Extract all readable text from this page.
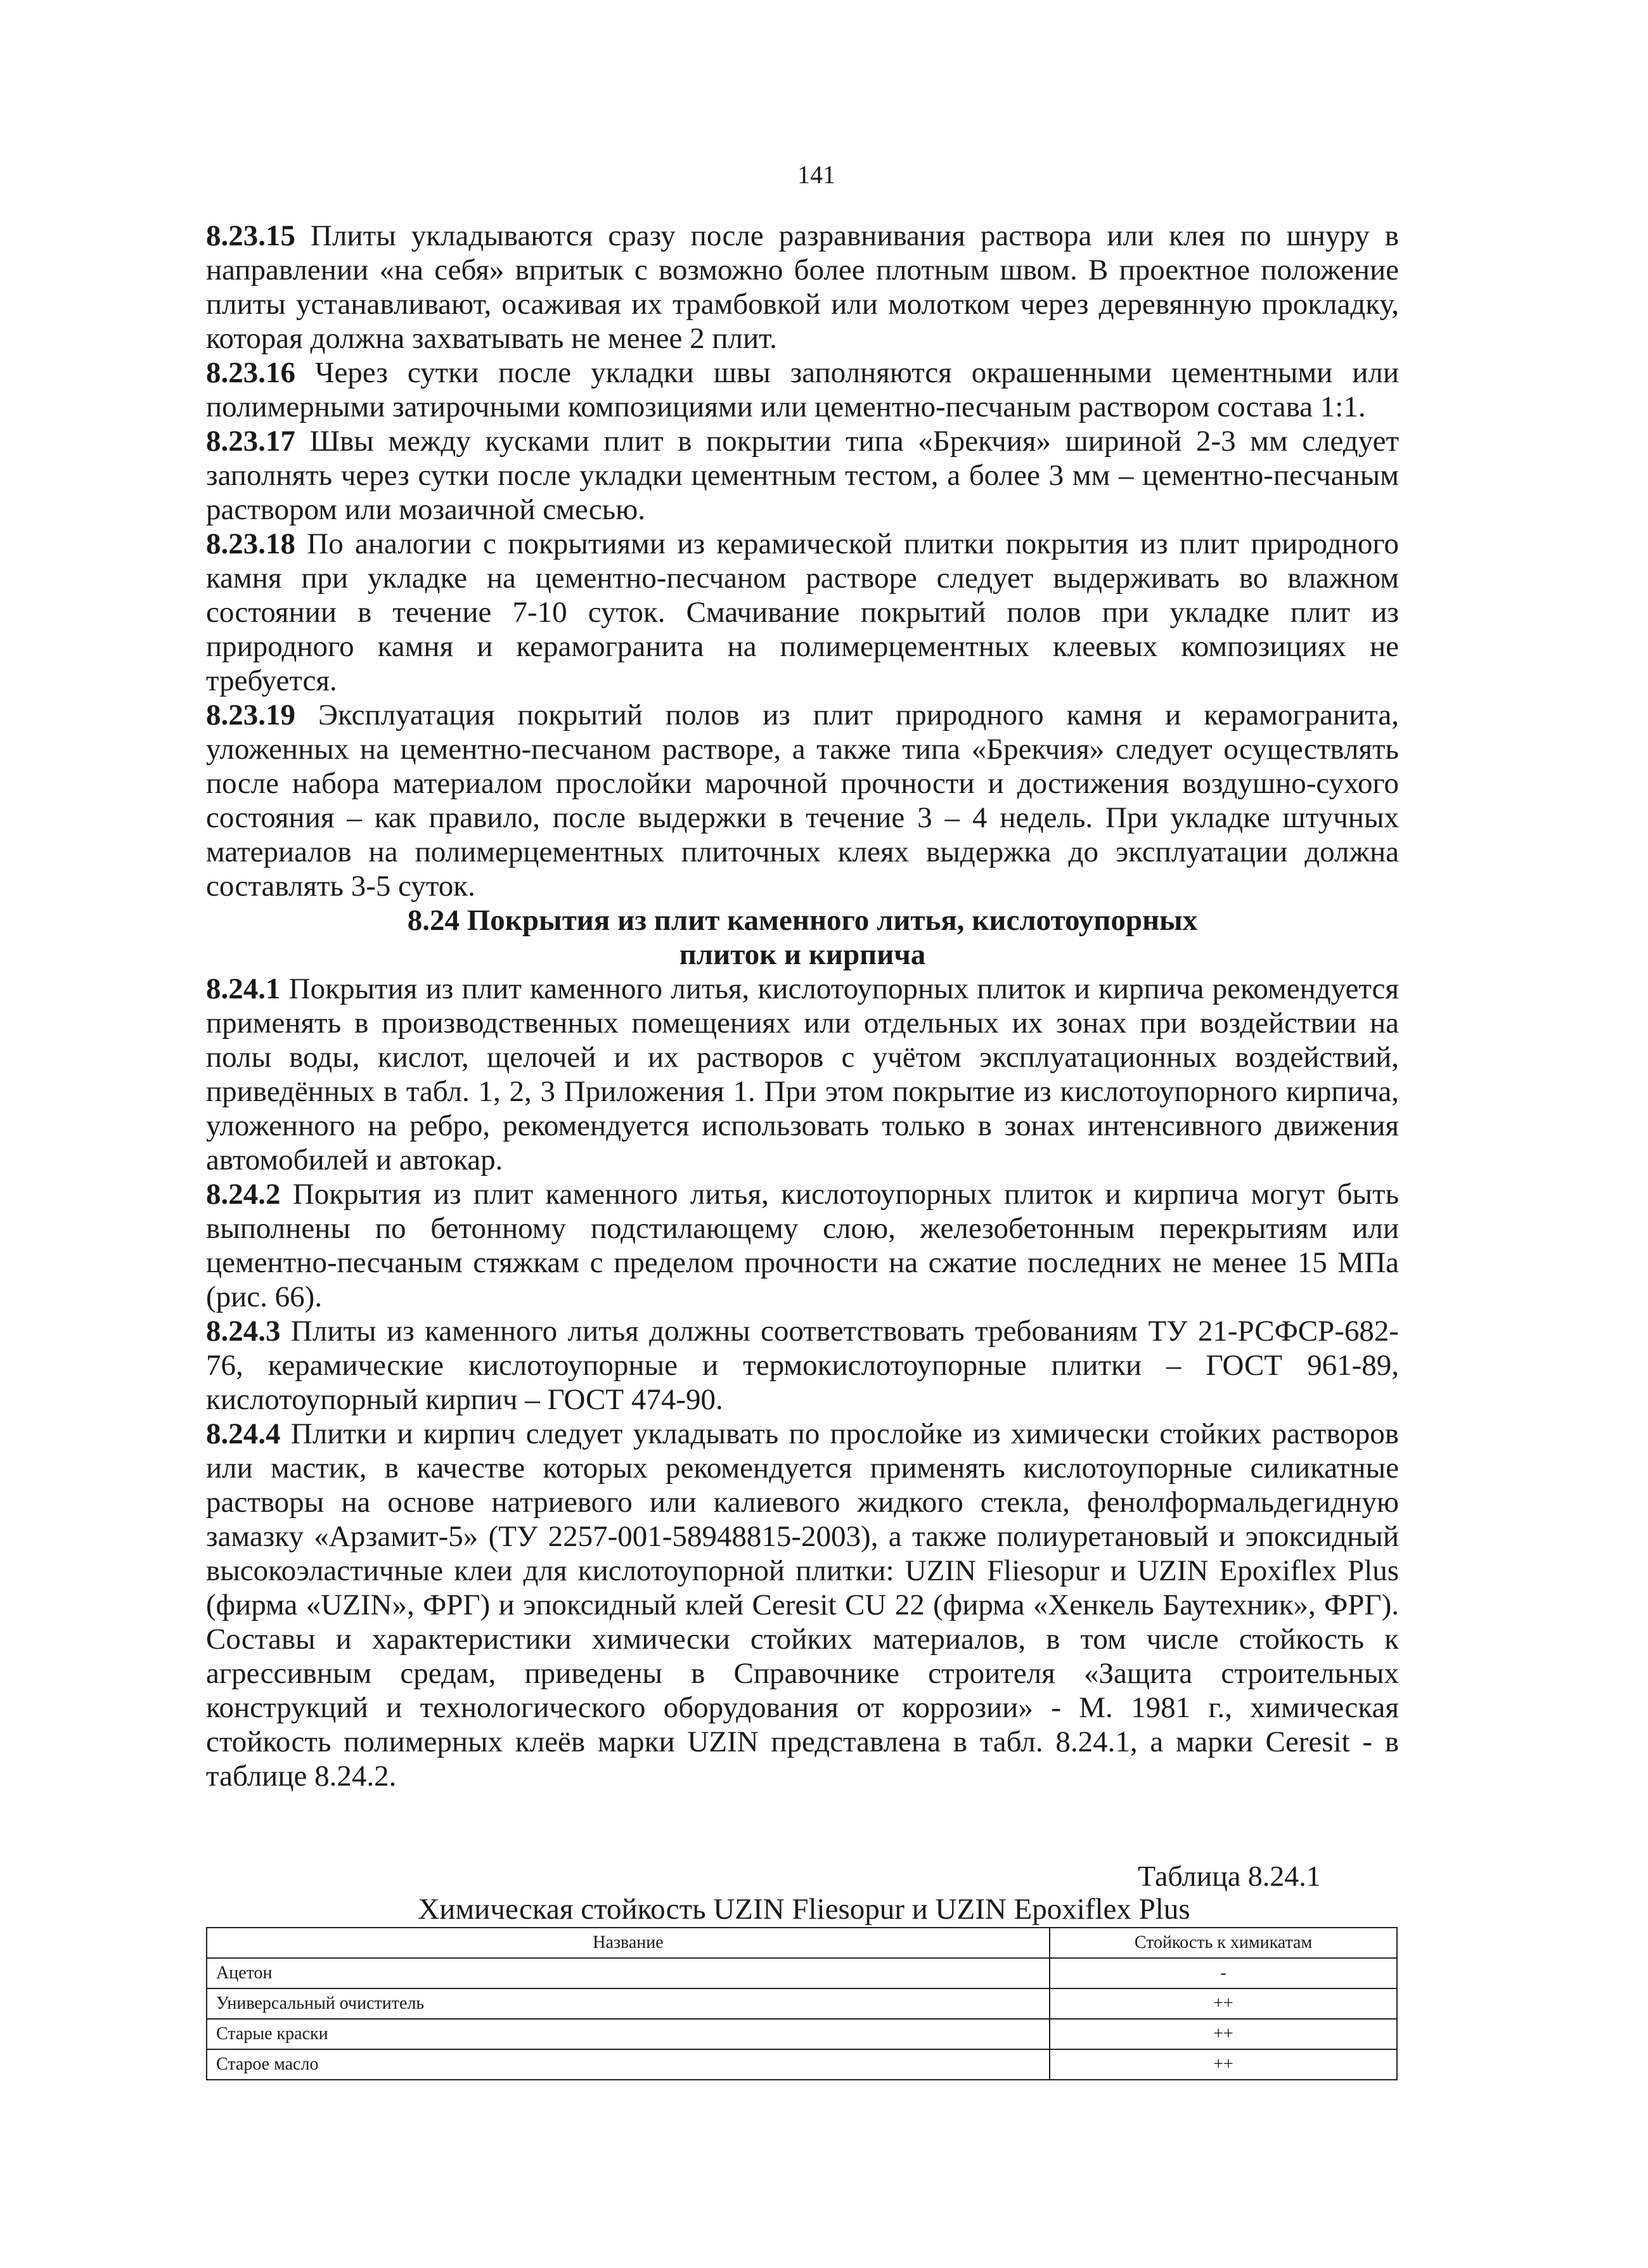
141

8.23.15 Плиты укладываются сразу после разравнивания раствора или клея по шнуру в направлении «на себя» впритык с возможно более плотным швом. В проектное положение плиты устанавливают, осаживая их трамбовкой или молотком через деревянную прокладку, которая должна захватывать не менее 2 плит.

8.23.16 Через сутки после укладки швы заполняются окрашенными цементными или полимерными затирочными композициями или цементно-песчаным раствором состава 1:1.

8.23.17 Швы между кусками плит в покрытии типа «Брекчия» шириной 2-3 мм следует заполнять через сутки после укладки цементным тестом, а более 3 мм – цементно-песчаным раствором или мозаичной смесью.

8.23.18 По аналогии с покрытиями из керамической плитки покрытия из плит природного камня при укладке на цементно-песчаном растворе следует выдерживать во влажном состоянии в течение 7-10 суток. Смачивание покрытий полов при укладке плит из природного камня и керамогранита на полимерцементных клеевых композициях не требуется.

8.23.19 Эксплуатация покрытий полов из плит природного камня и керамогранита, уложенных на цементно-песчаном растворе, а также типа «Брекчия» следует осуществлять после набора материалом прослойки марочной прочности и достижения воздушно-сухого состояния – как правило, после выдержки в течение 3 – 4 недель. При укладке штучных материалов на полимерцементных плиточных клеях выдержка до эксплуатации должна составлять 3-5 суток.

8.24 Покрытия из плит каменного литья, кислотоупорных
плиток и кирпича

8.24.1 Покрытия из плит каменного литья, кислотоупорных плиток и кирпича рекомендуется применять в производственных помещениях или отдельных их зонах при воздействии на полы воды, кислот, щелочей и их растворов с учётом эксплуатационных воздействий, приведённых в табл. 1, 2, 3 Приложения 1. При этом покрытие из кислотоупорного кирпича, уложенного на ребро, рекомендуется использовать только в зонах интенсивного движения автомобилей и автокар.

8.24.2 Покрытия из плит каменного литья, кислотоупорных плиток и кирпича могут быть выполнены по бетонному подстилающему слою, железобетонным перекрытиям или цементно-песчаным стяжкам с пределом прочности на сжатие последних не менее 15 МПа (рис. 66).

8.24.3 Плиты из каменного литья должны соответствовать требованиям ТУ 21-РСФСР-682-76, керамические кислотоупорные и термокислотоупорные плитки – ГОСТ 961-89, кислотоупорный кирпич – ГОСТ 474-90.

8.24.4 Плитки и кирпич следует укладывать по прослойке из химически стойких растворов или мастик, в качестве которых рекомендуется применять кислотоупорные силикатные растворы на основе натриевого или калиевого жидкого стекла, фенолформальдегидную замазку «Арзамит-5» (ТУ 2257-001-58948815-2003), а также полиуретановый и эпоксидный высокоэластичные клеи для кислотоупорной плитки: UZIN Fliesopur и UZIN Epoxiflex Plus (фирма «UZIN», ФРГ) и эпоксидный клей Ceresit CU 22 (фирма «Хенкель Баутехник», ФРГ). Составы и характеристики химически стойких материалов, в том числе стойкость к агрессивным средам, приведены в Справочнике строителя «Защита строительных конструкций и технологического оборудования от коррозии» - М. 1981 г., химическая стойкость полимерных клеёв марки UZIN представлена в табл. 8.24.1, а марки Ceresit - в таблице 8.24.2.

Таблица 8.24.1
Химическая стойкость UZIN Fliesopur и UZIN Epoxiflex Plus
Название	Стойкость к химикатам
Ацетон	-
Универсальный очиститель	++
Старые краски	++
Старое масло	++
